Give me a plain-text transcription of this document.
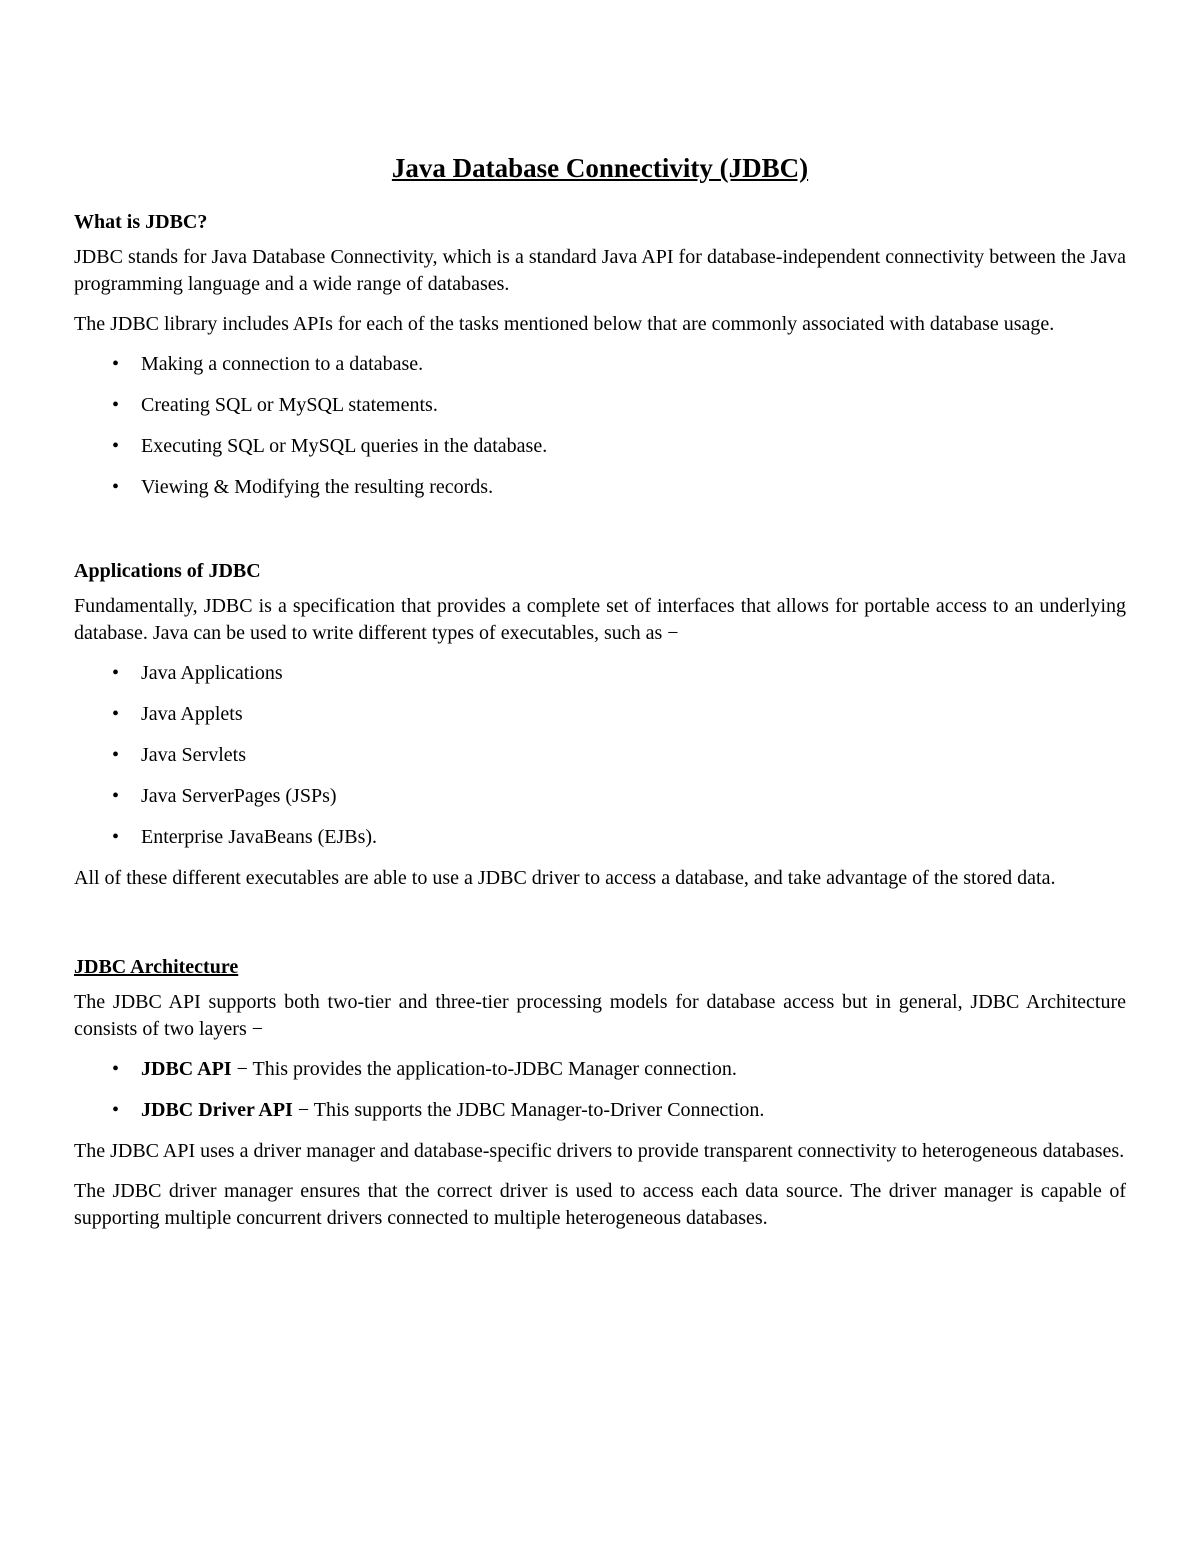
Java Database Connectivity (JDBC)
What is JDBC?

JDBC stands for Java Database Connectivity, which is a standard Java API for database-independent connectivity between the Java programming language and a wide range of databases.

The JDBC library includes APIs for each of the tasks mentioned below that are commonly associated with database usage.

• Making a connection to a database.
• Creating SQL or MySQL statements.
• Executing SQL or MySQL queries in the database.
• Viewing & Modifying the resulting records.
Applications of JDBC

Fundamentally, JDBC is a specification that provides a complete set of interfaces that allows for portable access to an underlying database. Java can be used to write different types of executables, such as −

• Java Applications
• Java Applets
• Java Servlets
• Java ServerPages (JSPs)
• Enterprise JavaBeans (EJBs).

All of these different executables are able to use a JDBC driver to access a database, and take advantage of the stored data.

JDBC Architecture

The JDBC API supports both two-tier and three-tier processing models for database access but in general, JDBC Architecture consists of two layers −

• JDBC API − This provides the application-to-JDBC Manager connection.
• JDBC Driver API − This supports the JDBC Manager-to-Driver Connection.

The JDBC API uses a driver manager and database-specific drivers to provide transparent connectivity to heterogeneous databases.

The JDBC driver manager ensures that the correct driver is used to access each data source. The driver manager is capable of supporting multiple concurrent drivers connected to multiple heterogeneous databases.
